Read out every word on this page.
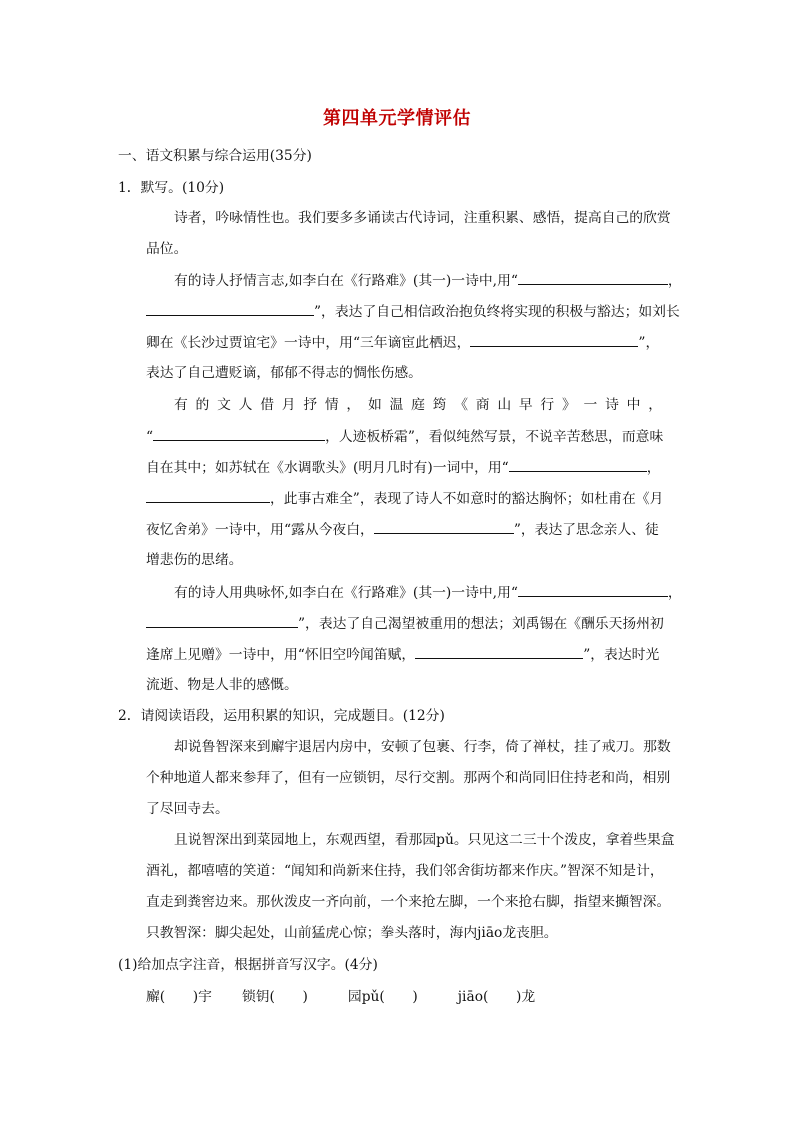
第四单元学情评估
一、语文积累与综合运用(35分)
1．默写。(10分)
诗者，吟咏情性也。我们要多多诵读古代诗词，注重积累、感悟，提高自己的欣赏
品位。
有的诗人抒情言志,如李白在《行路难》(其一)一诗中,用“	，
”，表达了自己相信政治抱负终将实现的积极与豁达；如刘长
卿在《长沙过贾谊宅》一诗中，用“三年谪宦此栖迟，	”，
表达了自己遭贬谪，郁郁不得志的惆怅伤感。
有的文人借月抒情，如温庭筠《商山早行》一诗中，
“	，人迹板桥霜”，看似纯然写景，不说辛苦愁思，而意味
自在其中；如苏轼在《水调歌头》(明月几时有)一词中，用“	，
，此事古难全”，表现了诗人不如意时的豁达胸怀；如杜甫在《月
夜忆舍弟》一诗中，用“露从今夜白，	”，表达了思念亲人、徒
增悲伤的思绪。
有的诗人用典咏怀,如李白在《行路难》(其一)一诗中,用“	，
”，表达了自己渴望被重用的想法；刘禹锡在《酬乐天扬州初
逢席上见赠》一诗中，用“怀旧空吟闻笛赋，	”，表达时光
流逝、物是人非的感慨。
2．请阅读语段，运用积累的知识，完成题目。(12分)
却说鲁智深来到廨宇退居内房中，安顿了包裹、行李，倚了禅杖，挂了戒刀。那数
个种地道人都来参拜了，但有一应锁钥，尽行交割。那两个和尚同旧住持老和尚，相别
了尽回寺去。
且说智深出到菜园地上，东观西望，看那园pǔ。只见这二三十个泼皮，拿着些果盒
酒礼，都嘻嘻的笑道：“闻知和尚新来住持，我们邻舍街坊都来作庆。”智深不知是计，
直走到粪窖边来。那伙泼皮一齐向前，一个来抢左脚，一个来抢右脚，指望来攧智深。
只教智深：脚尖起处，山前猛虎心惊；拳头落时，海内jiāo龙丧胆。
(1)给加点字注音，根据拼音写汉字。(4分)
廨(　　)宇 锁钥(　　)	园pǔ(　　)	jiāo(　　)龙
